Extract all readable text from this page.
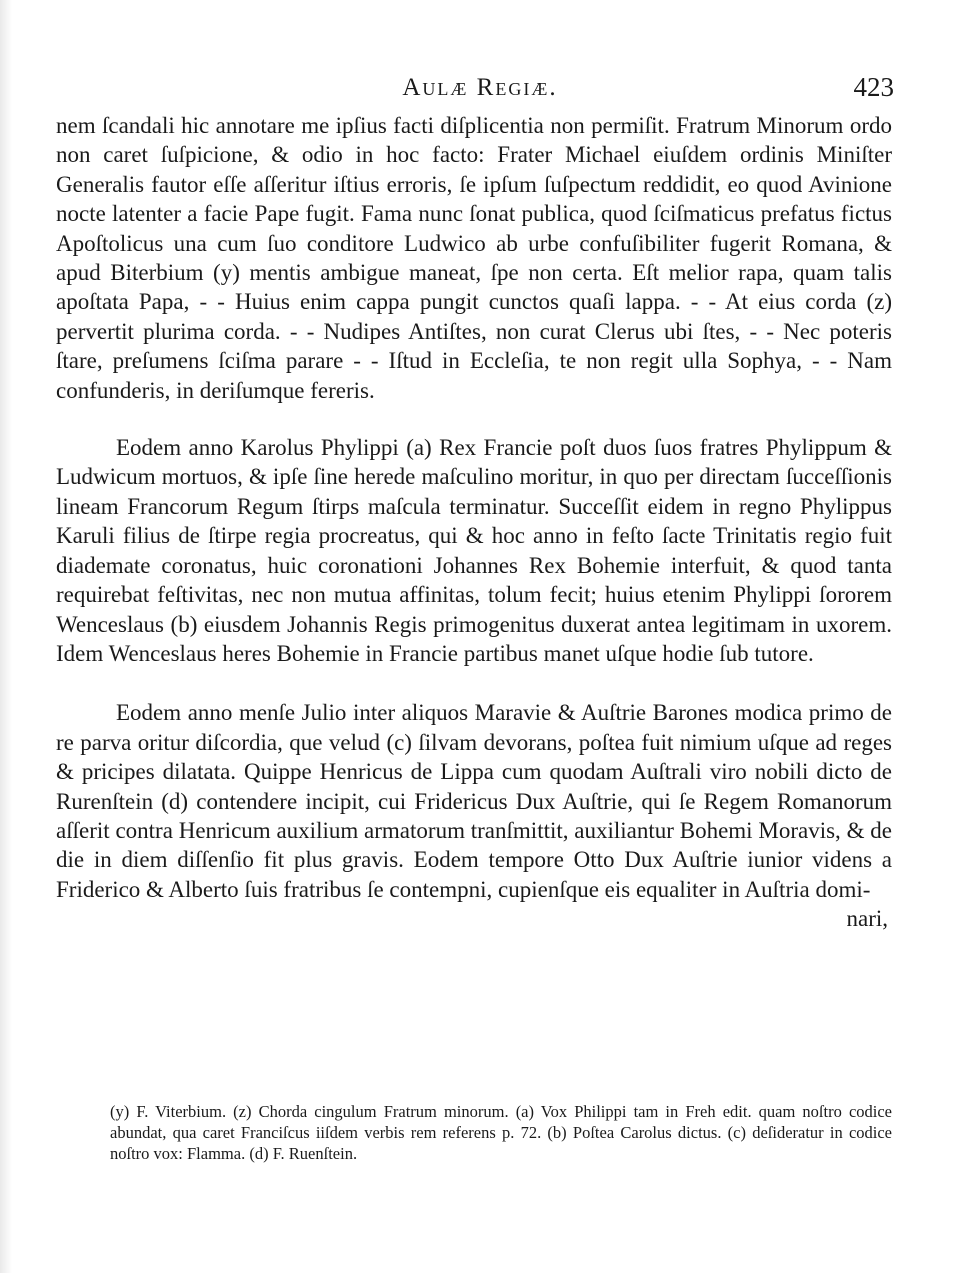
Aulæ Regiæ.	423

nem ſcandali hic annotare me ipſius facti diſplicentia non permiſit. Fratrum Minorum ordo non caret ſuſpicione, & odio in hoc facto: Frater Michael eiuſdem ordinis Miniſter Generalis fautor eſſe aſſeritur iſtius erroris, ſe ipſum ſuſpectum reddidit, eo quod Avinione nocte latenter a facie Pape fugit. Fama nunc ſonat publica, quod ſciſmaticus prefatus fictus Apoſtolicus una cum ſuo conditore Ludwico ab urbe confuſibiliter fugerit Romana, & apud Biterbium (y) mentis ambigue maneat, ſpe non certa. Eſt melior rapa, quam talis apoſtata Papa, - - Huius enim cappa pungit cunctos quaſi lappa. - - At eius corda (z) pervertit plurima corda. - - Nudipes Antiſtes, non curat Clerus ubi ſtes, - - Nec poteris ſtare, preſumens ſciſma parare - - Iſtud in Eccleſia, te non regit ulla Sophya, - - Nam confunderis, in deriſumque fereris.

Eodem anno Karolus Phylippi (a) Rex Francie poſt duos ſuos fratres Phylippum & Ludwicum mortuos, & ipſe ſine herede maſculino moritur, in quo per directam ſucceſſionis lineam Francorum Regum ſtirps maſcula terminatur. Succeſſit eidem in regno Phylippus Karuli filius de ſtirpe regia procreatus, qui & hoc anno in feſto ſacte Trinitatis regio fuit diademate coronatus, huic coronationi Johannes Rex Bohemie interfuit, & quod tanta requirebat feſtivitas, nec non mutua affinitas, tolum fecit; huius etenim Phylippi ſororem Wenceslaus (b) eiusdem Johannis Regis primogenitus duxerat antea legitimam in uxorem. Idem Wenceslaus heres Bohemie in Francie partibus manet uſque hodie ſub tutore.

Eodem anno menſe Julio inter aliquos Maravie & Auſtrie Barones modica primo de re parva oritur diſcordia, que velud (c) ſilvam devorans, poſtea fuit nimium uſque ad reges & pricipes dilatata. Quippe Henricus de Lippa cum quodam Auſtrali viro nobili dicto de Rurenſtein (d) contendere incipit, cui Fridericus Dux Auſtrie, qui ſe Regem Romanorum aſſerit contra Henricum auxilium armatorum tranſmittit, auxiliantur Bohemi Moravis, & de die in diem diſſenſio fit plus gravis. Eodem tempore Otto Dux Auſtrie iunior videns a Friderico & Alberto ſuis fratribus ſe contempni, cupienſque eis equaliter in Auſtria domi-

nari,

(y) F. Viterbium. (z) Chorda cingulum Fratrum minorum. (a) Vox Philippi tam in Freh edit. quam noſtro codice abundat, qua caret Franciſcus iiſdem verbis rem referens p. 72. (b) Poſtea Carolus dictus. (c) deſideratur in codice noſtro vox: Flamma. (d) F. Ruenſtein.
